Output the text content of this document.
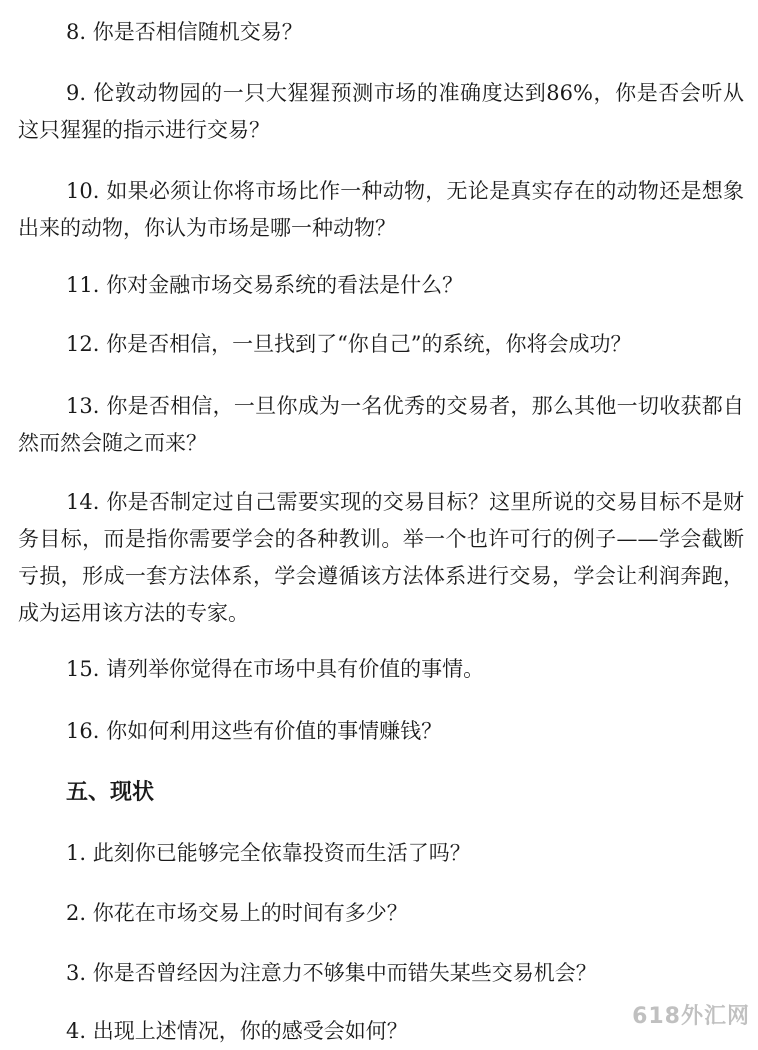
8. 你是否相信随机交易？

9. 伦敦动物园的一只大猩猩预测市场的准确度达到86%，你是否会听从这只猩猩的指示进行交易？

10. 如果必须让你将市场比作一种动物，无论是真实存在的动物还是想象出来的动物，你认为市场是哪一种动物？

11. 你对金融市场交易系统的看法是什么？

12. 你是否相信，一旦找到了“你自己”的系统，你将会成功？

13. 你是否相信，一旦你成为一名优秀的交易者，那么其他一切收获都自然而然会随之而来？

14. 你是否制定过自己需要实现的交易目标？这里所说的交易目标不是财务目标，而是指你需要学会的各种教训。举一个也许可行的例子——学会截断亏损，形成一套方法体系，学会遵循该方法体系进行交易，学会让利润奔跑，成为运用该方法的专家。

15. 请列举你觉得在市场中具有价值的事情。

16. 你如何利用这些有价值的事情赚钱？

五、现状

1. 此刻你已能够完全依靠投资而生活了吗？

2. 你花在市场交易上的时间有多少？

3. 你是否曾经因为注意力不够集中而错失某些交易机会？

4. 出现上述情况，你的感受会如何？

618外汇网
